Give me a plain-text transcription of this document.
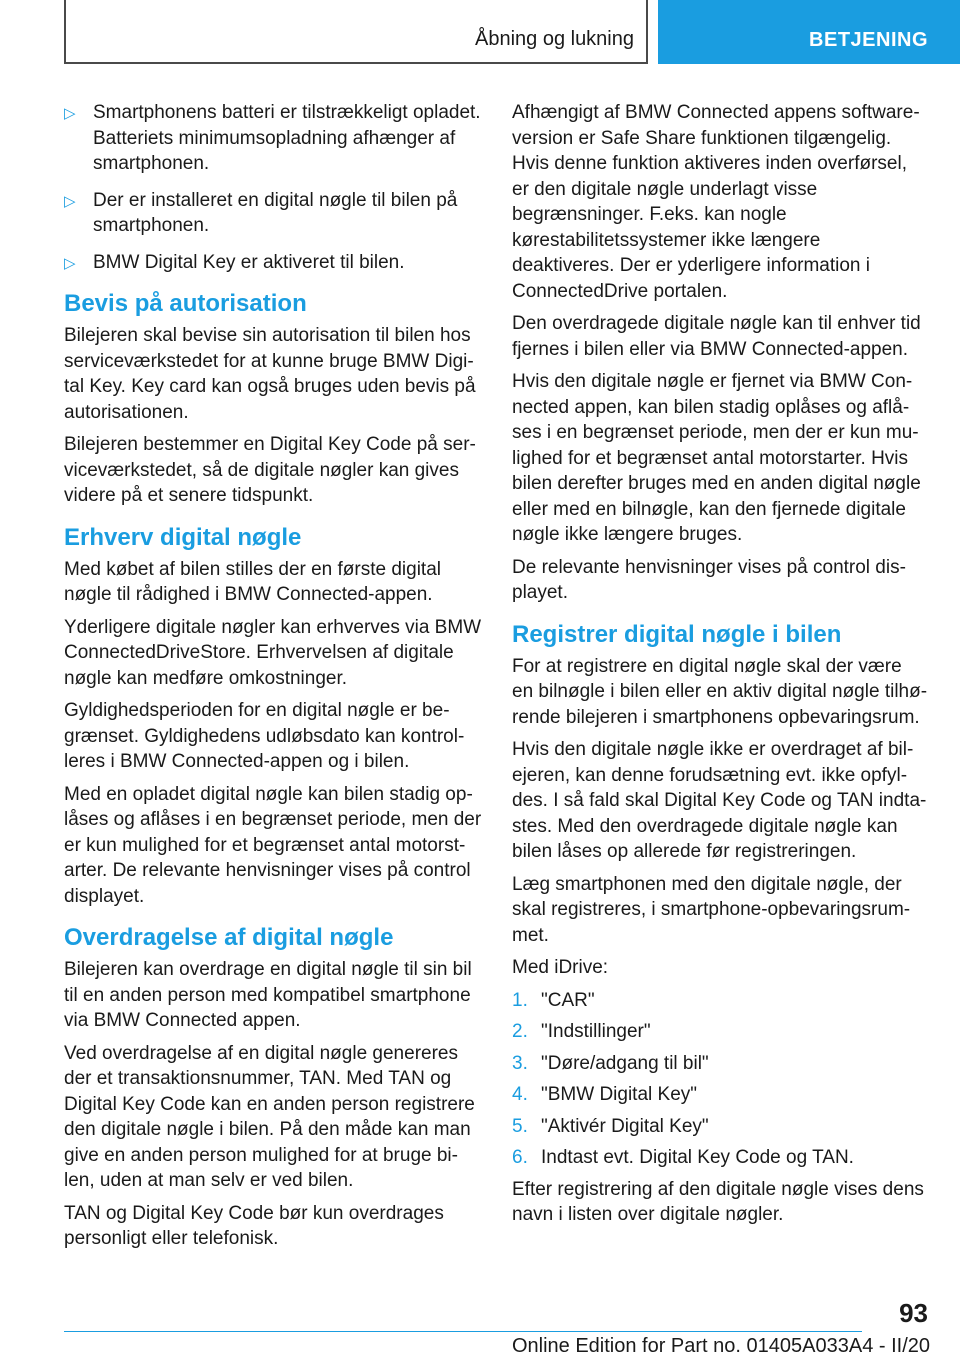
Åbning og lukning	BETJENING
▷ Smartphonens batteri er tilstrækkeligt opladet. Batteriets minimumsopladning afhænger af smartphonen.
▷ Der er installeret en digital nøgle til bilen på smartphonen.
▷ BMW Digital Key er aktiveret til bilen.
Bevis på autorisation

Bilejeren skal bevise sin autorisation til bilen hos serviceværkstedet for at kunne bruge BMW Digital Key. Key card kan også bruges uden bevis på autorisationen.

Bilejeren bestemmer en Digital Key Code på serviceværkstedet, så de digitale nøgler kan gives videre på et senere tidspunkt.

Erhverv digital nøgle

Med købet af bilen stilles der en første digital nøgle til rådighed i BMW Connected-appen.

Yderligere digitale nøgler kan erhverves via BMW ConnectedDriveStore. Erhvervelsen af digitale nøgle kan medføre omkostninger.

Gyldighedsperioden for en digital nøgle er begrænset. Gyldighedens udløbsdato kan kontrolleres i BMW Connected-appen og i bilen.

Med en opladet digital nøgle kan bilen stadig oplåses og aflåses i en begrænset periode, men der er kun mulighed for et begrænset antal motorstarter. De relevante henvisninger vises på control displayet.

Overdragelse af digital nøgle

Bilejeren kan overdrage en digital nøgle til sin bil til en anden person med kompatibel smartphone via BMW Connected appen.

Ved overdragelse af en digital nøgle genereres der et transaktionsnummer, TAN. Med TAN og Digital Key Code kan en anden person registrere den digitale nøgle i bilen. På den måde kan man give en anden person mulighed for at bruge bilen, uden at man selv er ved bilen.

TAN og Digital Key Code bør kun overdrages personligt eller telefonisk.

Afhængigt af BMW Connected appens softwareversion er Safe Share funktionen tilgængelig. Hvis denne funktion aktiveres inden overførsel, er den digitale nøgle underlagt visse begrænsninger. F.eks. kan nogle kørestabilitetssystemer ikke længere deaktiveres. Der er yderligere information i ConnectedDrive portalen.

Den overdragede digitale nøgle kan til enhver tid fjernes i bilen eller via BMW Connected-appen.

Hvis den digitale nøgle er fjernet via BMW Connected appen, kan bilen stadig oplåses og aflåses i en begrænset periode, men der er kun mulighed for et begrænset antal motorstarter. Hvis bilen derefter bruges med en anden digital nøgle eller med en bilnøgle, kan den fjernede digitale nøgle ikke længere bruges.

De relevante henvisninger vises på control displayet.

Registrer digital nøgle i bilen

For at registrere en digital nøgle skal der være en bilnøgle i bilen eller en aktiv digital nøgle tilhørende bilejeren i smartphonens opbevaringsrum.

Hvis den digitale nøgle ikke er overdraget af bilejeren, kan denne forudsætning evt. ikke opfyldes. I så fald skal Digital Key Code og TAN indtastes. Med den overdragede digitale nøgle kan bilen låses op allerede før registreringen.

Læg smartphonen med den digitale nøgle, der skal registreres, i smartphone-opbevaringsrummet.

Med iDrive:

1. "CAR"
2. "Indstillinger"
3. "Døre/adgang til bil"
4. "BMW Digital Key"
5. "Aktivér Digital Key"
6. Indtast evt. Digital Key Code og TAN.

Efter registrering af den digitale nøgle vises dens navn i listen over digitale nøgler.

93
Online Edition for Part no. 01405A033A4 - II/20
